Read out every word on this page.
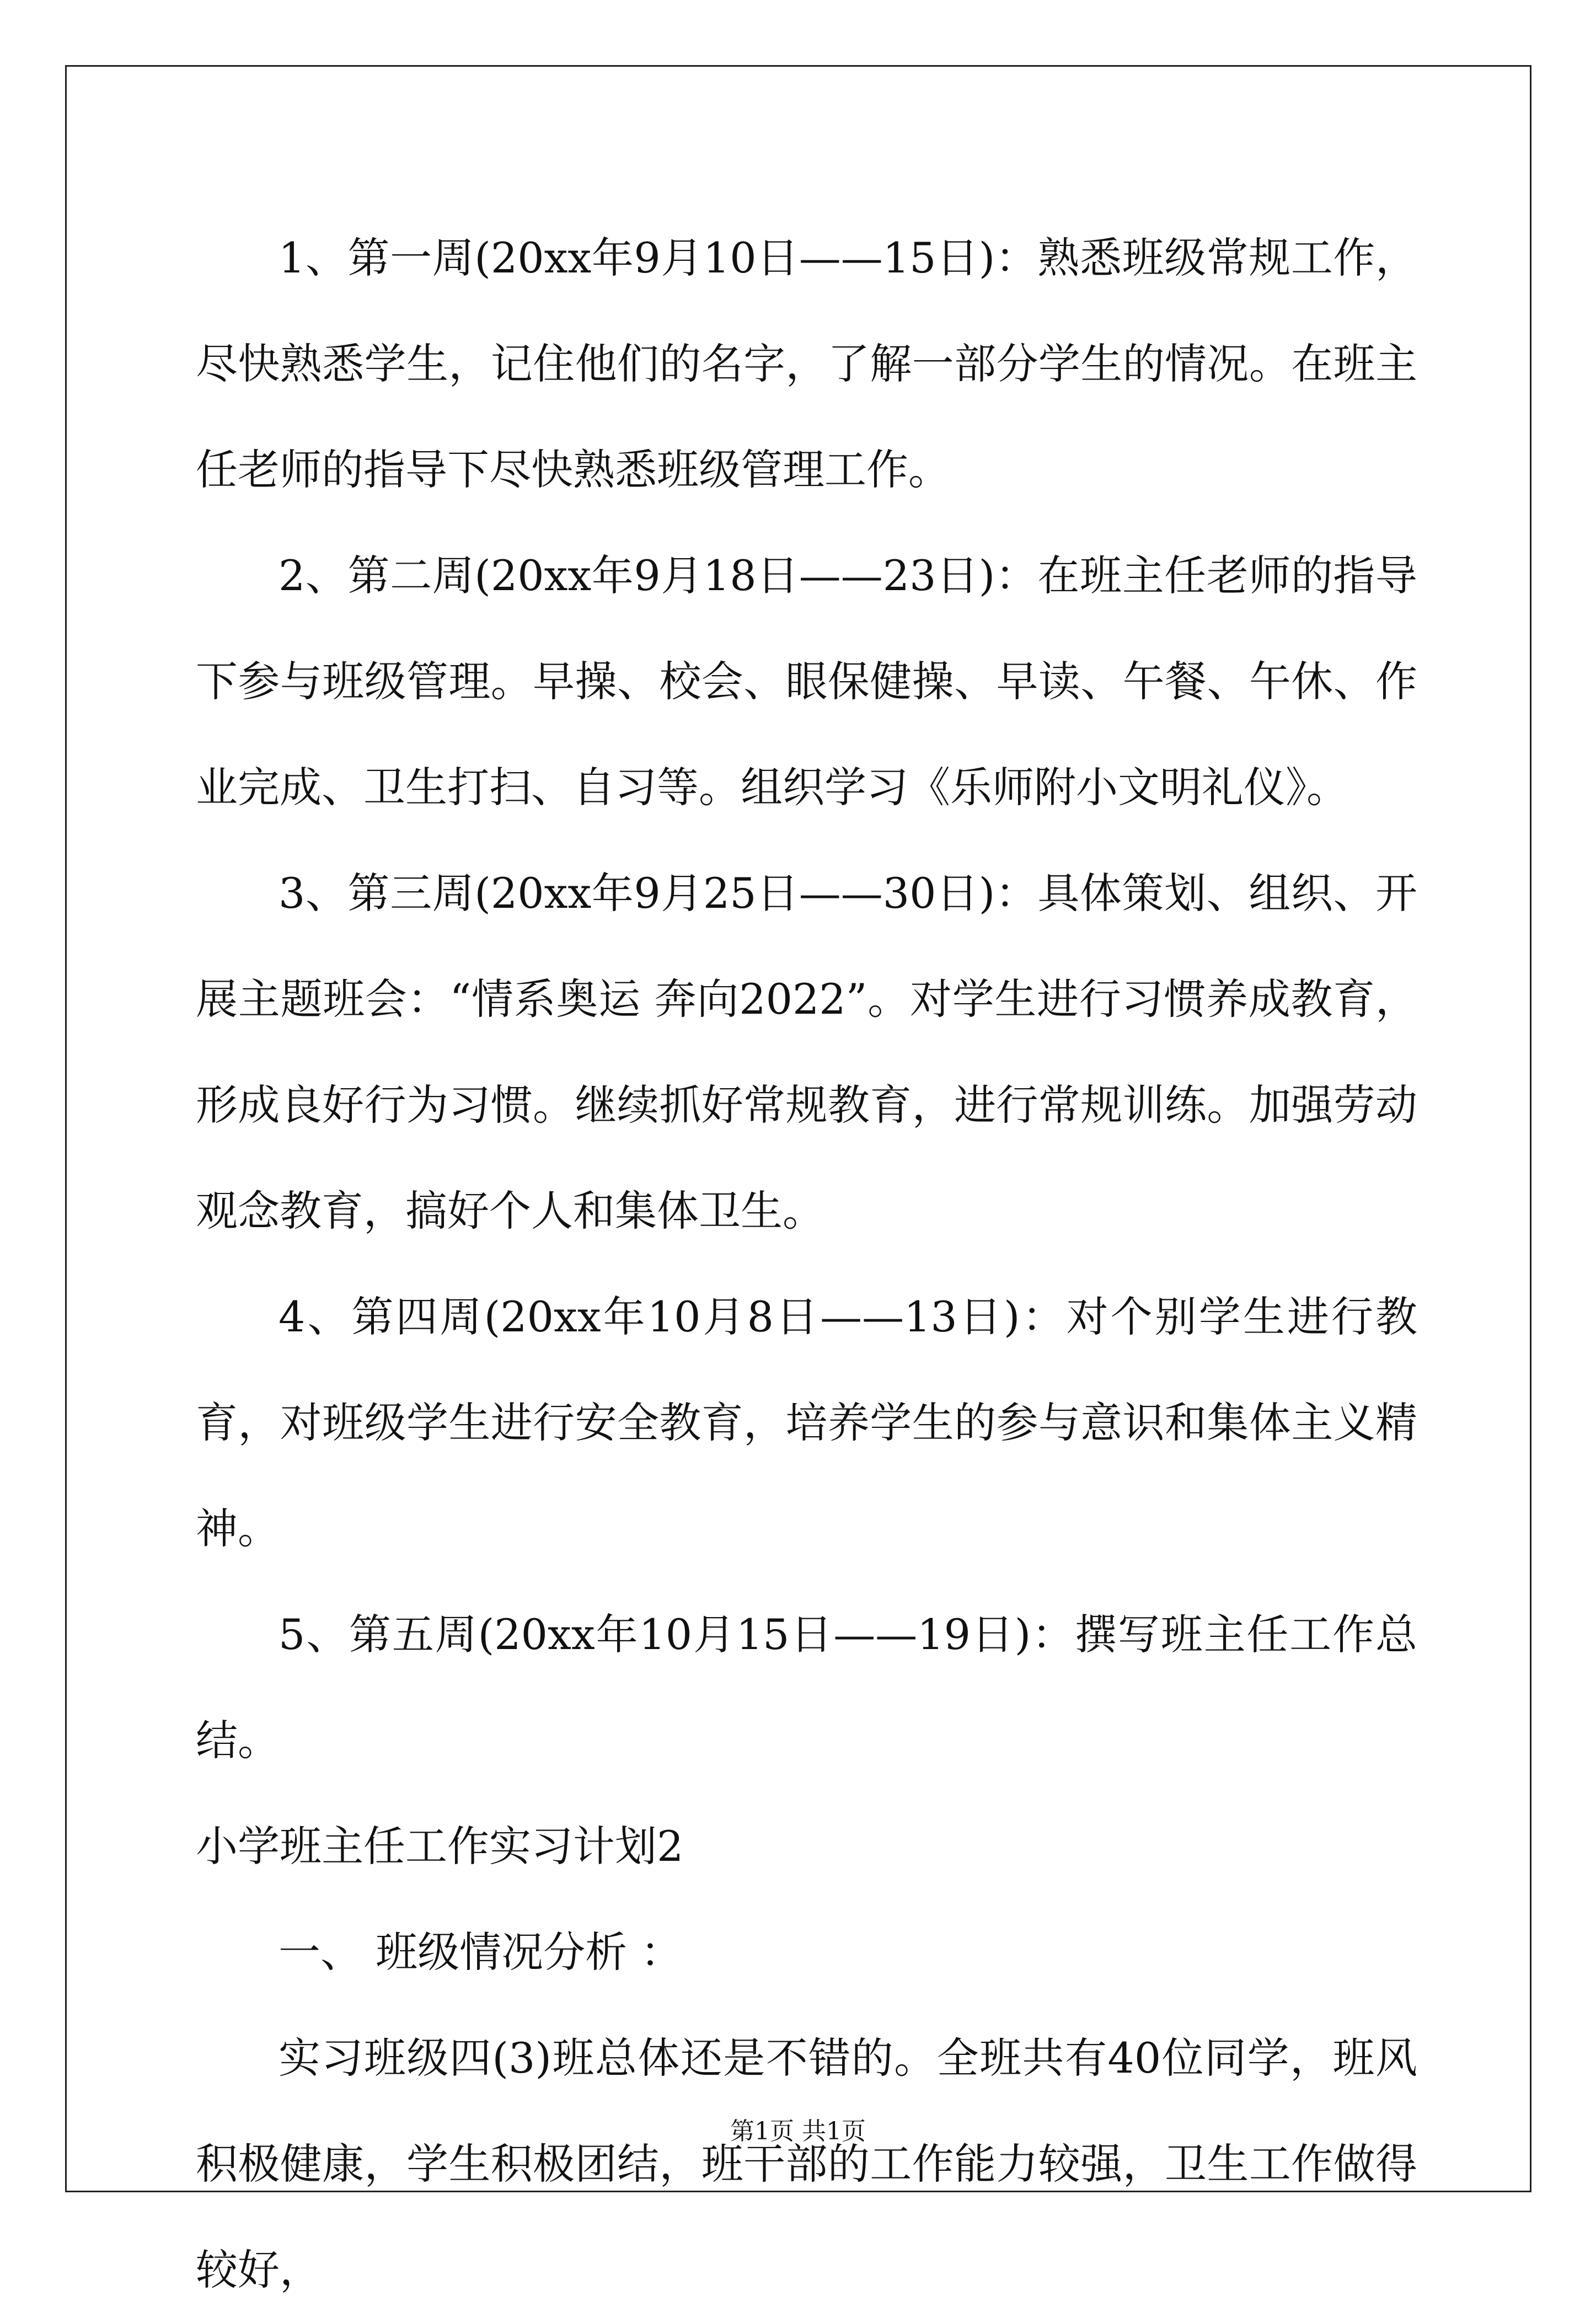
1、第一周(20xx年9月10日——15日)：熟悉班级常规工作，尽快熟悉学生，记住他们的名字，了解一部分学生的情况。在班主任老师的指导下尽快熟悉班级管理工作。

2、第二周(20xx年9月18日——23日)：在班主任老师的指导下参与班级管理。早操、校会、眼保健操、早读、午餐、午休、作业完成、卫生打扫、自习等。组织学习《乐师附小文明礼仪》。

3、第三周(20xx年9月25日——30日)：具体策划、组织、开展主题班会：“情系奥运 奔向2022”。对学生进行习惯养成教育，形成良好行为习惯。继续抓好常规教育，进行常规训练。加强劳动观念教育，搞好个人和集体卫生。

4、第四周(20xx年10月8日——13日)：对个别学生进行教育，对班级学生进行安全教育，培养学生的参与意识和集体主义精神。

5、第五周(20xx年10月15日——19日)：撰写班主任工作总结。

小学班主任工作实习计划2

一、 班级情况分析 ：

实习班级四(3)班总体还是不错的。全班共有40位同学，班风积极健康，学生积极团结，班干部的工作能力较强，卫生工作做得较好，

第1页 共1页
